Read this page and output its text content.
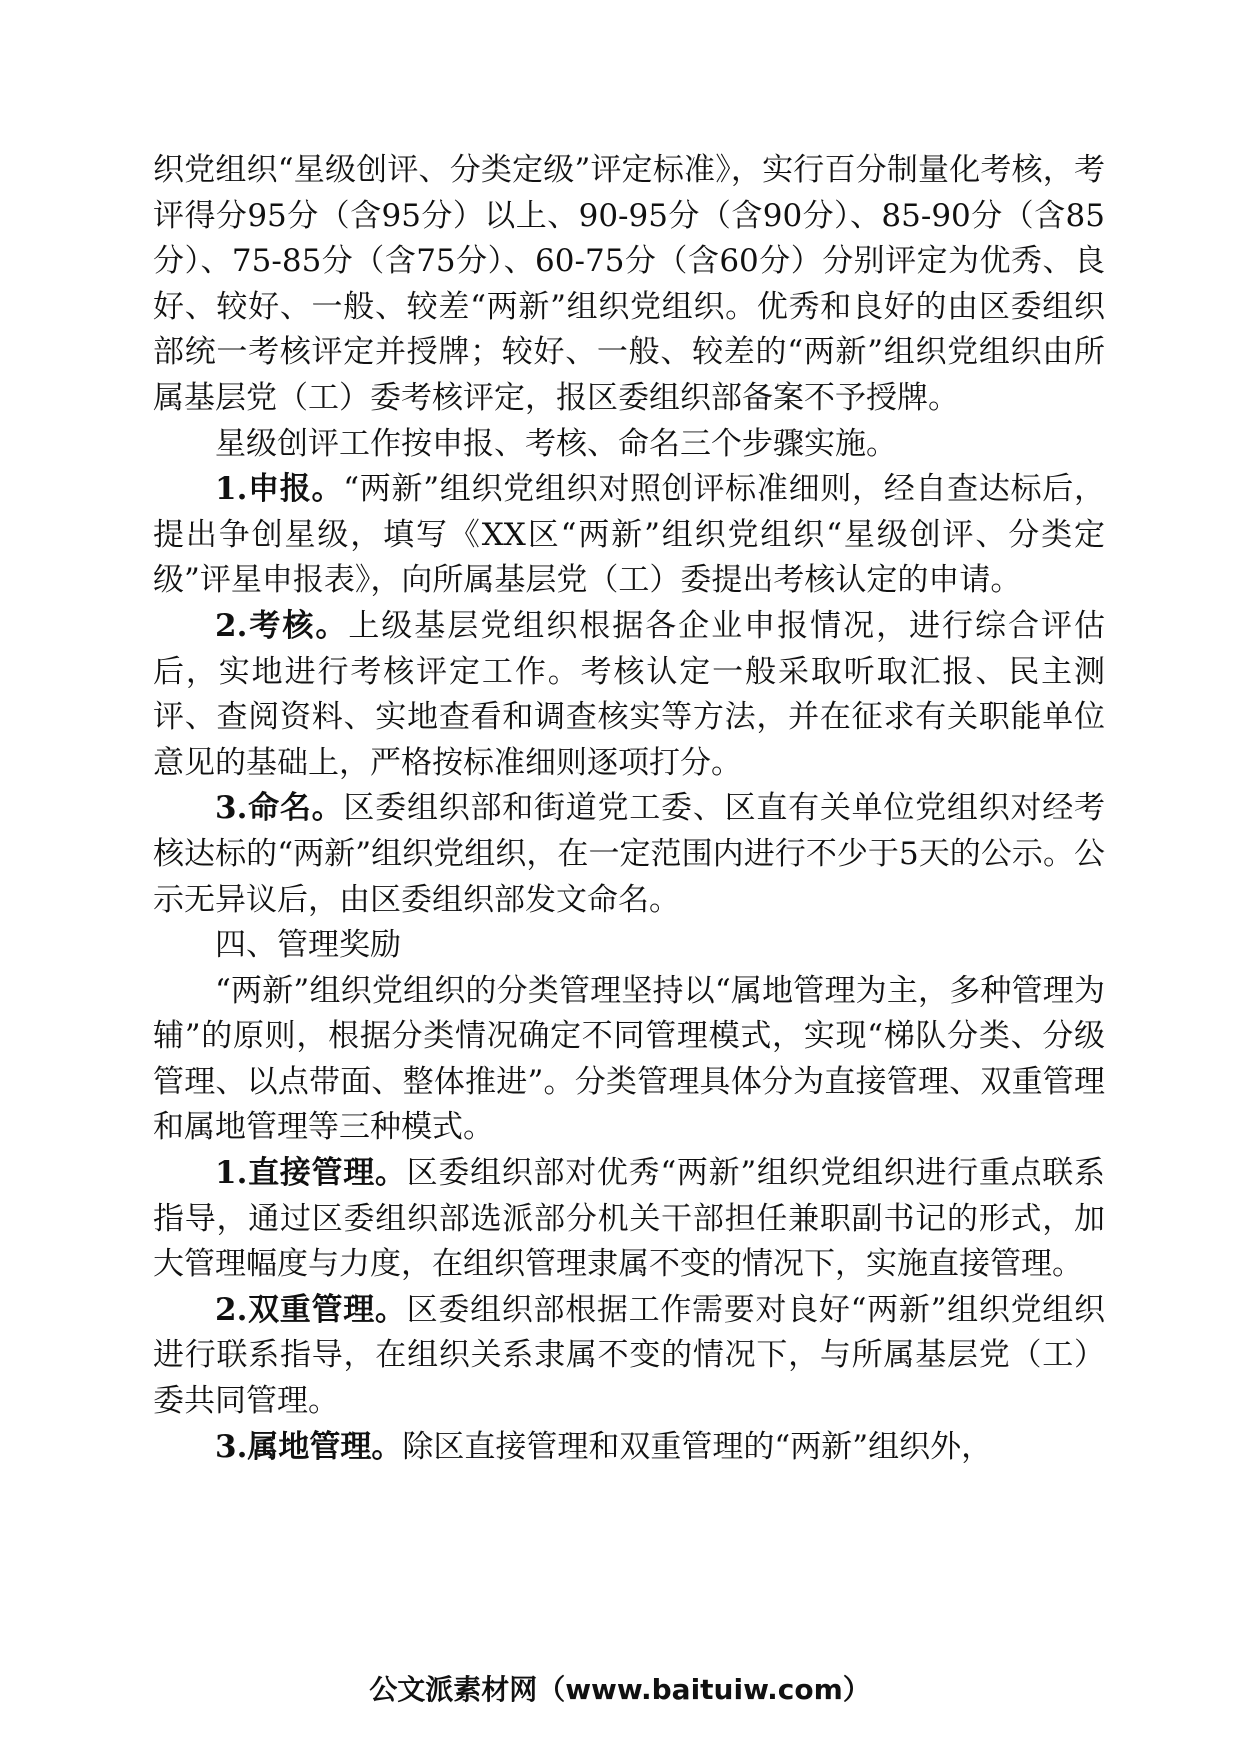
织党组织“星级创评、分类定级”评定标准》，实行百分制量化考核，考评得分95分（含95分）以上、90-95分（含90分）、85-90分（含85分）、75-85分（含75分）、60-75分（含60分）分别评定为优秀、良好、较好、一般、较差“两新”组织党组织。优秀和良好的由区委组织部统一考核评定并授牌；较好、一般、较差的“两新”组织党组织由所属基层党（工）委考核评定，报区委组织部备案不予授牌。

星级创评工作按申报、考核、命名三个步骤实施。

1.申报。“两新”组织党组织对照创评标准细则，经自查达标后，提出争创星级，填写《XX区“两新”组织党组织“星级创评、分类定级”评星申报表》，向所属基层党（工）委提出考核认定的申请。

2.考核。上级基层党组织根据各企业申报情况，进行综合评估后，实地进行考核评定工作。考核认定一般采取听取汇报、民主测评、查阅资料、实地查看和调查核实等方法，并在征求有关职能单位意见的基础上，严格按标准细则逐项打分。

3.命名。区委组织部和街道党工委、区直有关单位党组织对经考核达标的“两新”组织党组织，在一定范围内进行不少于5天的公示。公示无异议后，由区委组织部发文命名。

四、管理奖励

“两新”组织党组织的分类管理坚持以“属地管理为主，多种管理为辅”的原则，根据分类情况确定不同管理模式，实现“梯队分类、分级管理、以点带面、整体推进”。分类管理具体分为直接管理、双重管理和属地管理等三种模式。

1.直接管理。区委组织部对优秀“两新”组织党组织进行重点联系指导，通过区委组织部选派部分机关干部担任兼职副书记的形式，加大管理幅度与力度，在组织管理隶属不变的情况下，实施直接管理。

2.双重管理。区委组织部根据工作需要对良好“两新”组织党组织进行联系指导，在组织关系隶属不变的情况下，与所属基层党（工）委共同管理。

3.属地管理。除区直接管理和双重管理的“两新”组织外，

公文派素材网（www.baituiw.com）
